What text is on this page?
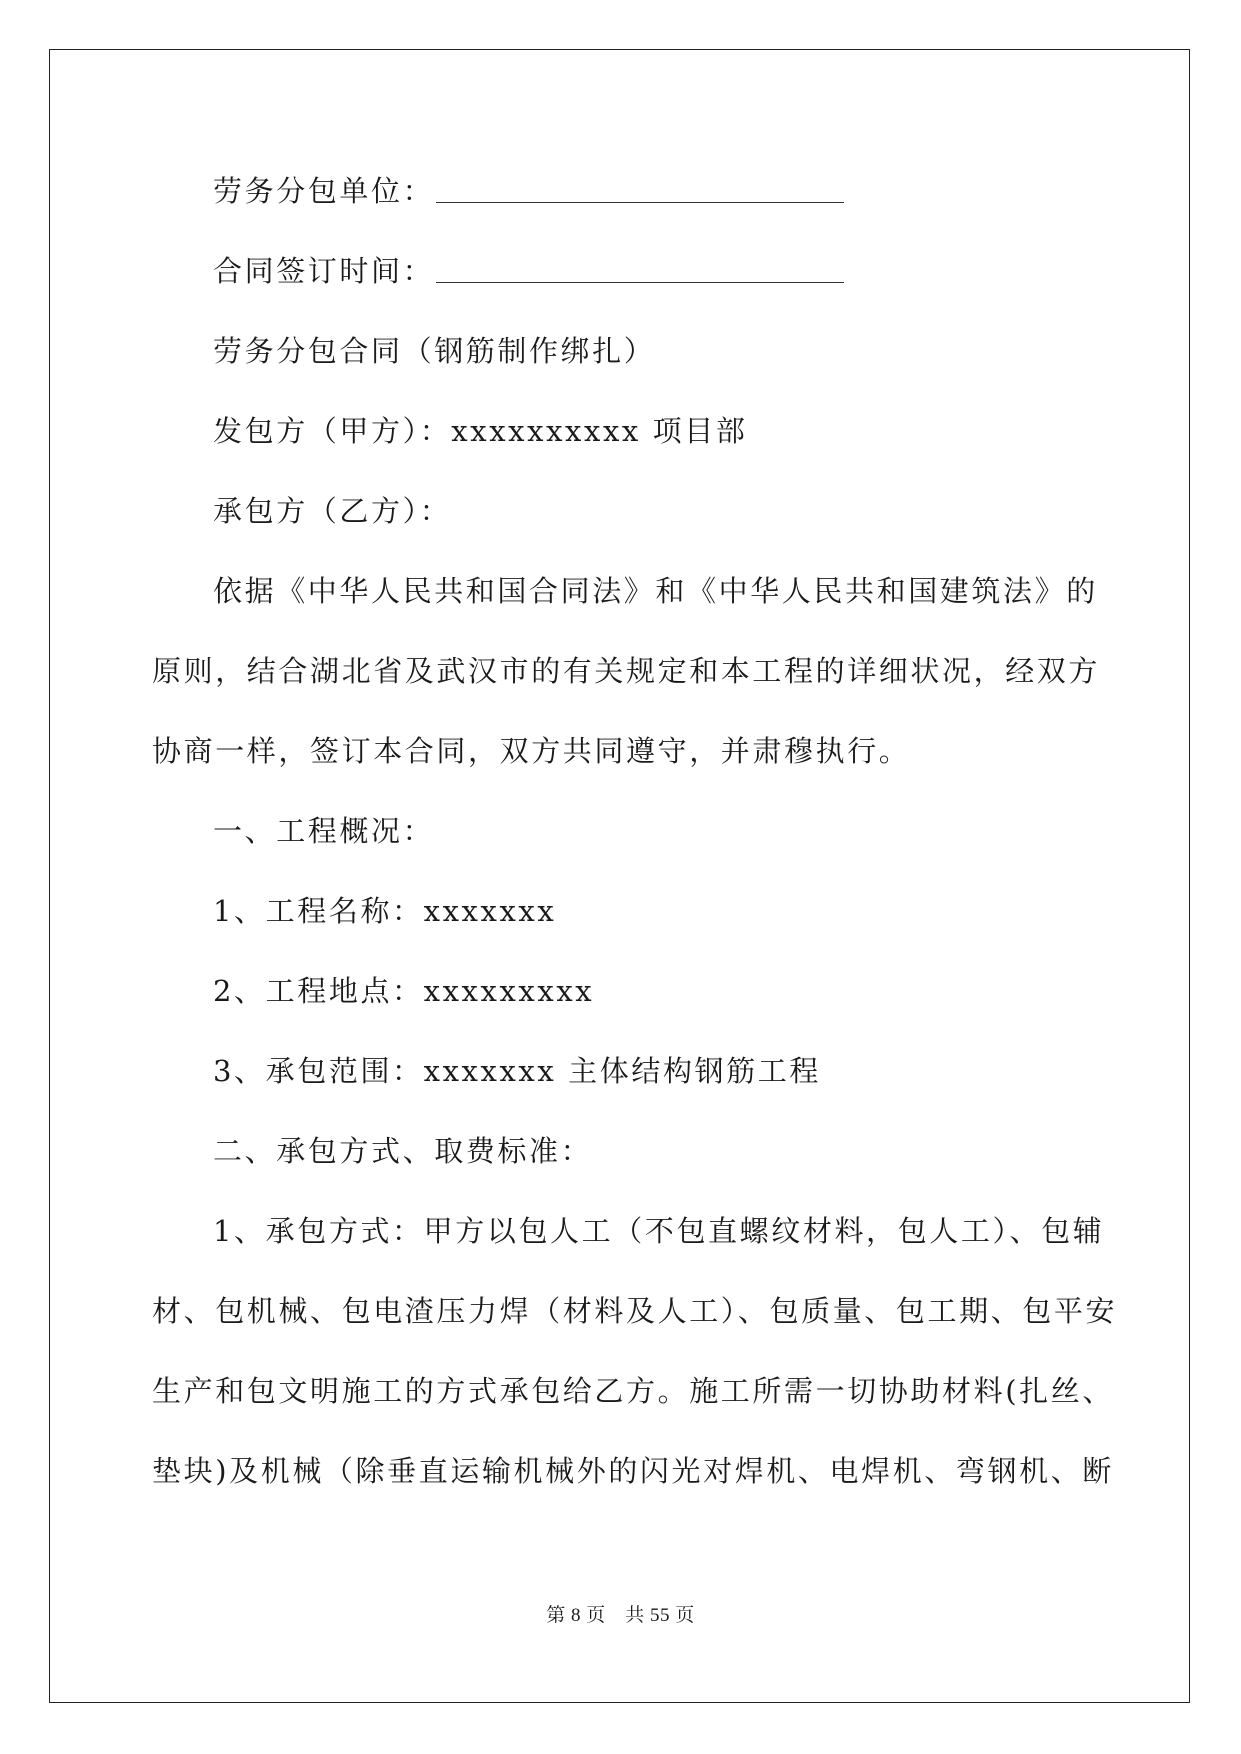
劳务分包单位：
合同签订时间：
劳务分包合同（钢筋制作绑扎）
发包方（甲方）：xxxxxxxxxx 项目部
承包方（乙方）：
依据《中华人民共和国合同法》和《中华人民共和国建筑法》的
原则，结合湖北省及武汉市的有关规定和本工程的详细状况，经双方
协商一样，签订本合同，双方共同遵守，并肃穆执行。
一、工程概况：
1、工程名称：xxxxxxx
2、工程地点：xxxxxxxxx
3、承包范围：xxxxxxx 主体结构钢筋工程
二、承包方式、取费标准：
1、承包方式：甲方以包人工（不包直螺纹材料，包人工）、包辅
材、包机械、包电渣压力焊（材料及人工）、包质量、包工期、包平安
生产和包文明施工的方式承包给乙方。施工所需一切协助材料(扎丝、
垫块)及机械（除垂直运输机械外的闪光对焊机、电焊机、弯钢机、断
第 8 页　共 55 页
